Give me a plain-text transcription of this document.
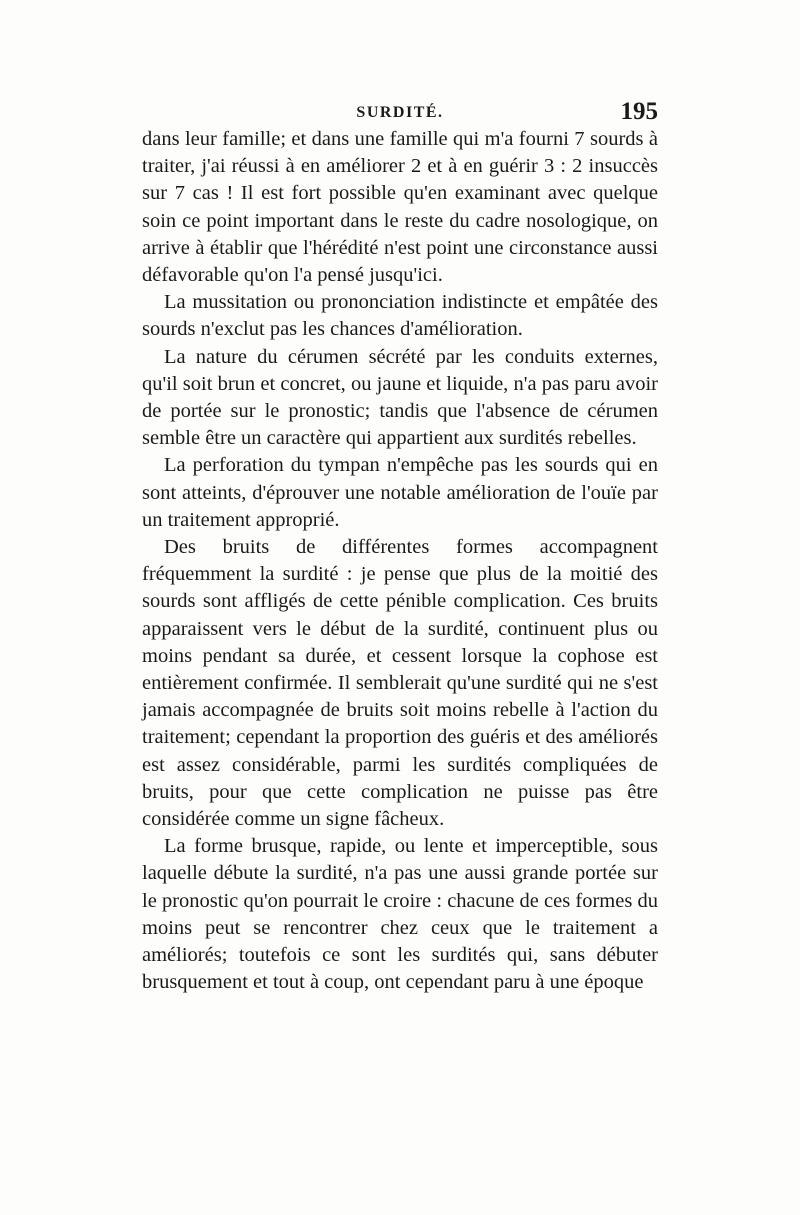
SURDITÉ.	195

dans leur famille; et dans une famille qui m'a fourni 7 sourds à traiter, j'ai réussi à en améliorer 2 et à en guérir 3 : 2 insuccès sur 7 cas ! Il est fort possible qu'en examinant avec quelque soin ce point important dans le reste du cadre nosologique, on arrive à établir que l'hérédité n'est point une circonstance aussi défavorable qu'on l'a pensé jusqu'ici.

La mussitation ou prononciation indistincte et empâtée des sourds n'exclut pas les chances d'amélioration.

La nature du cérumen sécrété par les conduits externes, qu'il soit brun et concret, ou jaune et liquide, n'a pas paru avoir de portée sur le pronostic; tandis que l'absence de cérumen semble être un caractère qui appartient aux surdités rebelles.

La perforation du tympan n'empêche pas les sourds qui en sont atteints, d'éprouver une notable amélioration de l'ouïe par un traitement approprié.

Des bruits de différentes formes accompagnent fréquemment la surdité : je pense que plus de la moitié des sourds sont affligés de cette pénible complication. Ces bruits apparaissent vers le début de la surdité, continuent plus ou moins pendant sa durée, et cessent lorsque la cophose est entièrement confirmée. Il semblerait qu'une surdité qui ne s'est jamais accompagnée de bruits soit moins rebelle à l'action du traitement; cependant la proportion des guéris et des améliorés est assez considérable, parmi les surdités compliquées de bruits, pour que cette complication ne puisse pas être considérée comme un signe fâcheux.

La forme brusque, rapide, ou lente et imperceptible, sous laquelle débute la surdité, n'a pas une aussi grande portée sur le pronostic qu'on pourrait le croire : chacune de ces formes du moins peut se rencontrer chez ceux que le traitement a améliorés; toutefois ce sont les surdités qui, sans débuter brusquement et tout à coup, ont cependant paru à une époque
